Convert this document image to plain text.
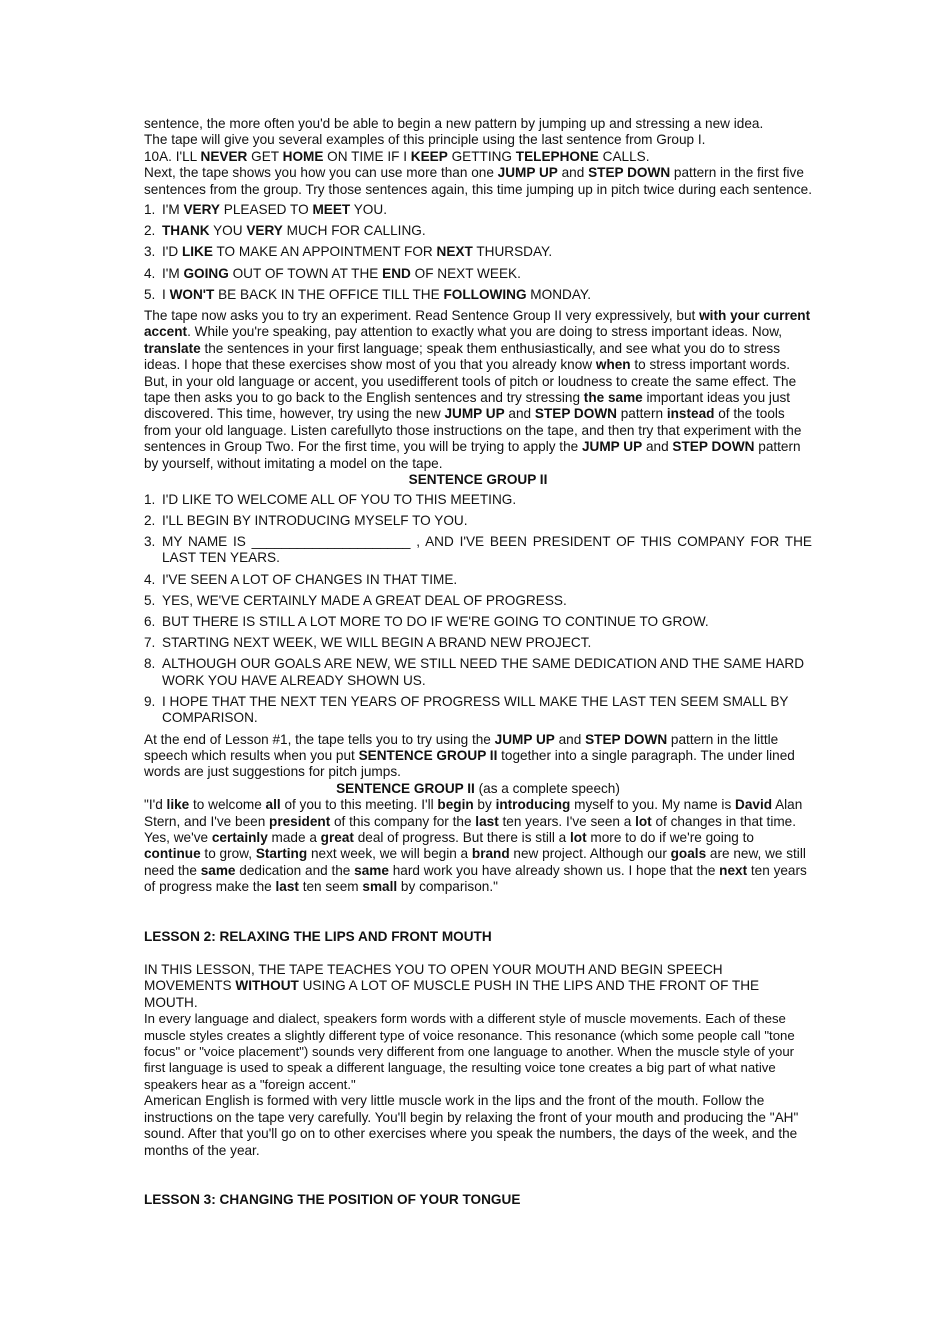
sentence, the more often you'd be able to begin a new pattern by jumping up and stressing a new idea.

The tape will give you several examples of this principle using the last sentence from Group I.

10A. I'LL NEVER GET HOME ON TIME IF I KEEP GETTING TELEPHONE CALLS.

Next, the tape shows you how you can use more than one JUMP UP and STEP DOWN pattern in the first five sentences from the group. Try those sentences again, this time jumping up in pitch twice during each sentence.

1. I'M VERY PLEASED TO MEET YOU.
2. THANK YOU VERY MUCH FOR CALLING.
3. I'D LIKE TO MAKE AN APPOINTMENT FOR NEXT THURSDAY.
4. I'M GOING OUT OF TOWN AT THE END OF NEXT WEEK.
5. I WON'T BE BACK IN THE OFFICE TILL THE FOLLOWING MONDAY.

The tape now asks you to try an experiment. Read Sentence Group II very expressively, but with your current accent. While you're speaking, pay attention to exactly what you are doing to stress important ideas. Now, translate the sentences in your first language; speak them enthusiastically, and see what you do to stress ideas. I hope that these exercises show most of you that you already know when to stress important words. But, in your old language or accent, you usedifferent tools of pitch or loudness to create the same effect. The tape then asks you to go back to the English sentences and try stressing the same important ideas you just discovered. This time, however, try using the new JUMP UP and STEP DOWN pattern instead of the tools from your old language. Listen carefullyto those instructions on the tape, and then try that experiment with the sentences in Group Two. For the first time, you will be trying to apply the JUMP UP and STEP DOWN pattern by yourself, without imitating a model on the tape.

SENTENCE GROUP II

1. I'D LIKE TO WELCOME ALL OF YOU TO THIS MEETING.
2. I'LL BEGIN BY INTRODUCING MYSELF TO YOU.
3. MY NAME IS _____________________ , AND I'VE BEEN PRESIDENT OF THIS COMPANY FOR THE LAST TEN YEARS.
4. I'VE SEEN A LOT OF CHANGES IN THAT TIME.
5. YES, WE'VE CERTAINLY MADE A GREAT DEAL OF PROGRESS.
6. BUT THERE IS STILL A LOT MORE TO DO IF WE'RE GOING TO CONTINUE TO GROW.
7. STARTING NEXT WEEK, WE WILL BEGIN A BRAND NEW PROJECT.
8. ALTHOUGH OUR GOALS ARE NEW, WE STILL NEED THE SAME DEDICATION AND THE SAME HARD WORK YOU HAVE ALREADY SHOWN US.
9. I HOPE THAT THE NEXT TEN YEARS OF PROGRESS WILL MAKE THE LAST TEN SEEM SMALL BY COMPARISON.

At the end of Lesson #1, the tape tells you to try using the JUMP UP and STEP DOWN pattern in the little speech which results when you put SENTENCE GROUP II together into a single paragraph. The under lined words are just suggestions for pitch jumps.

SENTENCE GROUP II (as a complete speech)

"I'd like to welcome all of you to this meeting. I'll begin by introducing myself to you. My name is David Alan Stern, and I've been president of this company for the last ten years. I've seen a lot of changes in that time. Yes, we've certainly made a great deal of progress. But there is still a lot more to do if we're going to continue to grow, Starting next week, we will begin a brand new project. Although our goals are new, we still need the same dedication and the same hard work you have already shown us. I hope that the next ten years of progress make the last ten seem small by comparison."

LESSON 2: RELAXING THE LIPS AND FRONT MOUTH

IN THIS LESSON, THE TAPE TEACHES YOU TO OPEN YOUR MOUTH AND BEGIN SPEECH MOVEMENTS WITHOUT USING A LOT OF MUSCLE PUSH IN THE LIPS AND THE FRONT OF THE MOUTH.

In every language and dialect, speakers form words with a different style of muscle movements. Each of these muscle styles creates a slightly different type of voice resonance. This resonance (which some people call "tone focus" or "voice placement") sounds very different from one language to another. When the muscle style of your first language is used to speak a different language, the resulting voice tone creates a big part of what native speakers hear as a "foreign accent."

American English is formed with very little muscle work in the lips and the front of the mouth. Follow the instructions on the tape very carefully. You'll begin by relaxing the front of your mouth and producing the "AH" sound. After that you'll go on to other exercises where you speak the numbers, the days of the week, and the months of the year.

LESSON 3: CHANGING THE POSITION OF YOUR TONGUE
